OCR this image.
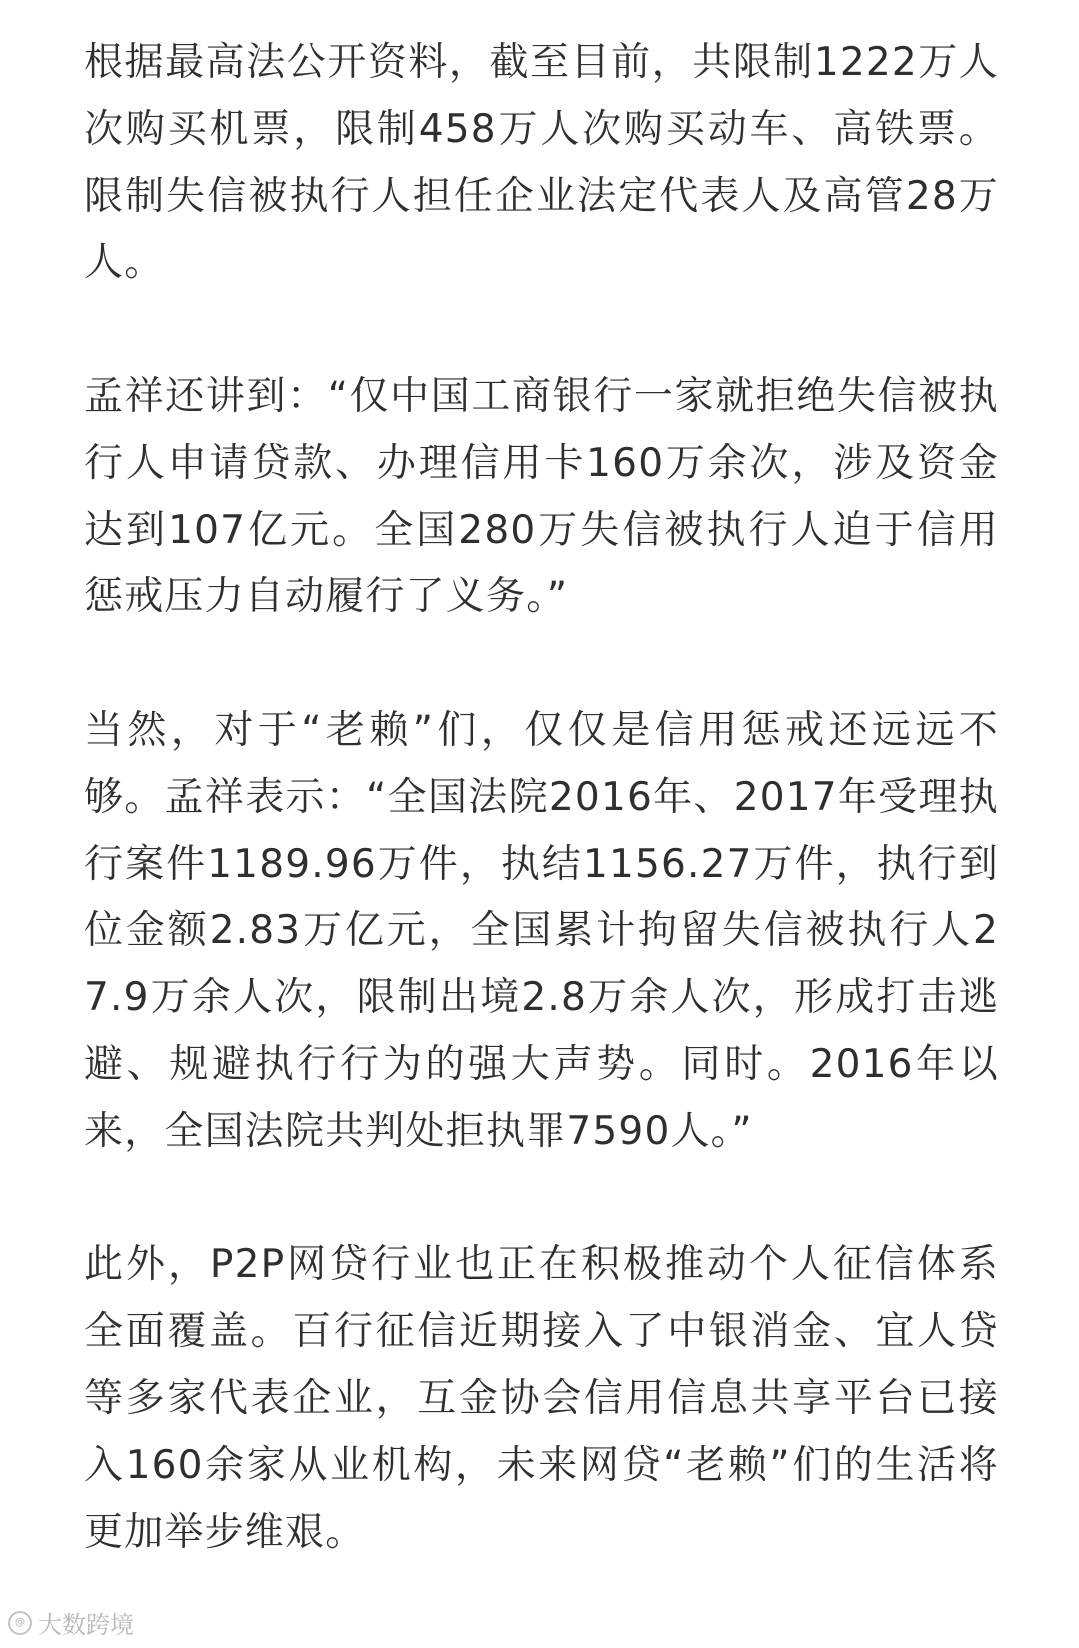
根据最高法公开资料，截至目前，共限制1222万人次购买机票，限制458万人次购买动车、高铁票。限制失信被执行人担任企业法定代表人及高管28万人。

孟祥还讲到：“仅中国工商银行一家就拒绝失信被执行人申请贷款、办理信用卡160万余次，涉及资金达到107亿元。全国280万失信被执行人迫于信用惩戒压力自动履行了义务。”

当然，对于“老赖”们，仅仅是信用惩戒还远远不够。孟祥表示：“全国法院2016年、2017年受理执行案件1189.96万件，执结1156.27万件，执行到位金额2.83万亿元，全国累计拘留失信被执行人27.9万余人次，限制出境2.8万余人次，形成打击逃避、规避执行行为的强大声势。同时。2016年以来，全国法院共判处拒执罪7590人。”

此外，P2P网贷行业也正在积极推动个人征信体系全面覆盖。百行征信近期接入了中银消金、宜人贷等多家代表企业，互金协会信用信息共享平台已接入160余家从业机构，未来网贷“老赖”们的生活将更加举步维艰。

@ 大数跨境
